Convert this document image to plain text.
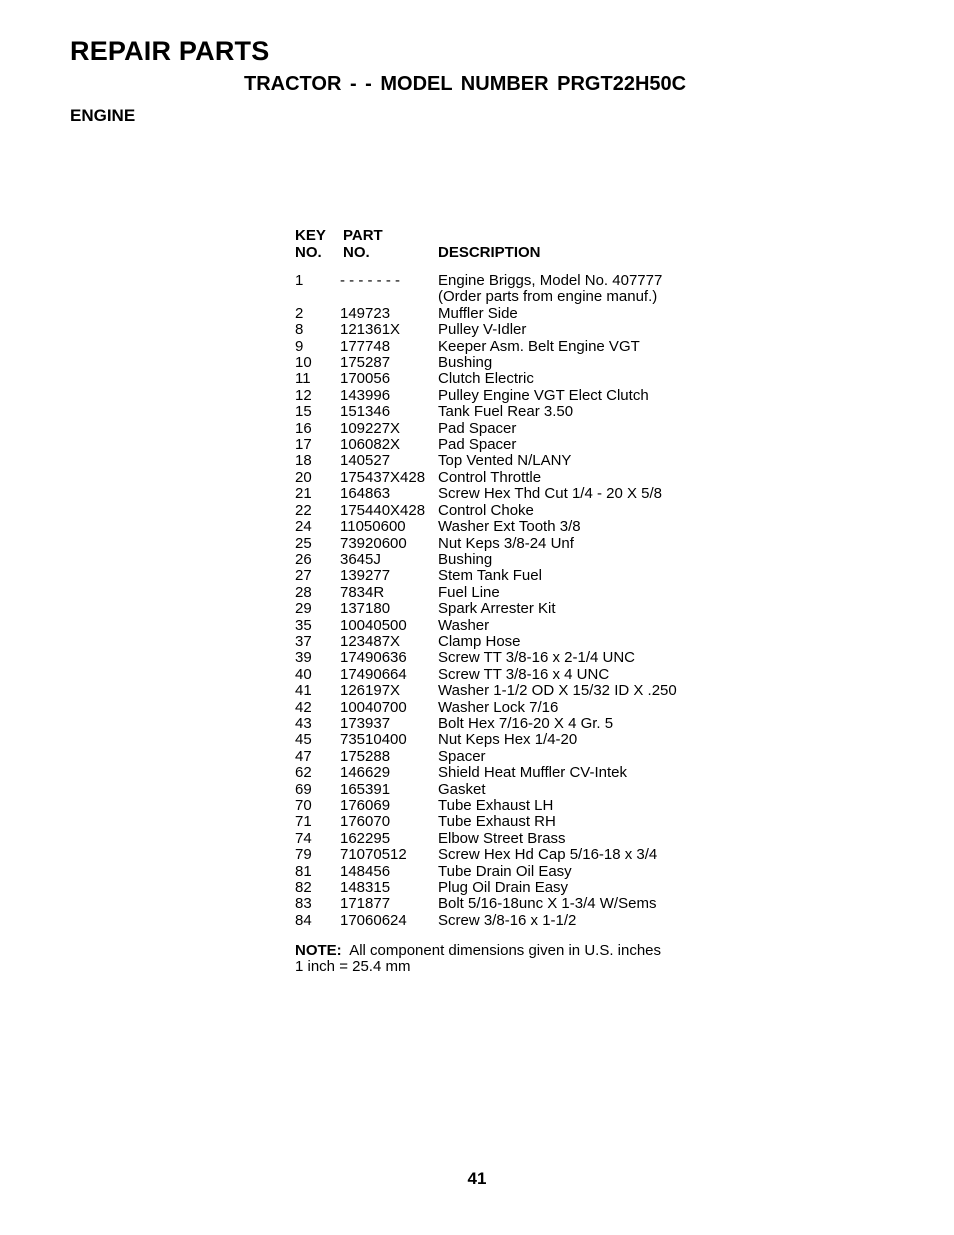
REPAIR PARTS
TRACTOR - - MODEL NUMBER PRGT22H50C
ENGINE
KEY
NO.
PART
NO.	DESCRIPTION
1	- - - - - - -	Engine Briggs, Model No. 407777
(Order parts from engine manuf.)
2	149723	Muffler Side
8	121361X	Pulley V-Idler
9	177748	Keeper Asm. Belt Engine VGT
10	175287	Bushing
11	170056	Clutch Electric
12	143996	Pulley Engine VGT Elect Clutch
15	151346	Tank Fuel Rear 3.50
16	109227X	Pad Spacer
17	106082X	Pad Spacer
18	140527	Top Vented N/LANY
20	175437X428 Control Throttle
21	164863	Screw Hex Thd Cut 1/4 - 20 X 5/8
22	175440X428 Control Choke
24	11050600	Washer Ext Tooth 3/8
25	73920600	Nut Keps 3/8-24 Unf
26	3645J	Bushing
27	139277	Stem Tank Fuel
28	7834R	Fuel Line
29	137180	Spark Arrester Kit
35	10040500	Washer
37	123487X	Clamp Hose
39	17490636	Screw TT 3/8-16 x 2-1/4 UNC
40	17490664	Screw TT 3/8-16 x 4 UNC
41	126197X	Washer 1-1/2 OD X 15/32 ID X .250
42	10040700	Washer Lock 7/16
43	173937	Bolt Hex 7/16-20 X 4 Gr. 5
45	73510400	Nut Keps Hex 1/4-20
47	175288	Spacer
62	146629	Shield Heat Muffler CV-Intek
69	165391	Gasket
70	176069	Tube Exhaust LH
71	176070	Tube Exhaust RH
74	162295	Elbow Street Brass
79	71070512	Screw Hex Hd Cap 5/16-18 x 3/4
81	148456	Tube Drain Oil Easy
82	148315	Plug Oil Drain Easy
83	171877	Bolt 5/16-18unc X 1-3/4 W/Sems
84	17060624	Screw 3/8-16 x 1-1/2
NOTE: All component dimensions given in U.S. inches
1 inch = 25.4 mm
41
